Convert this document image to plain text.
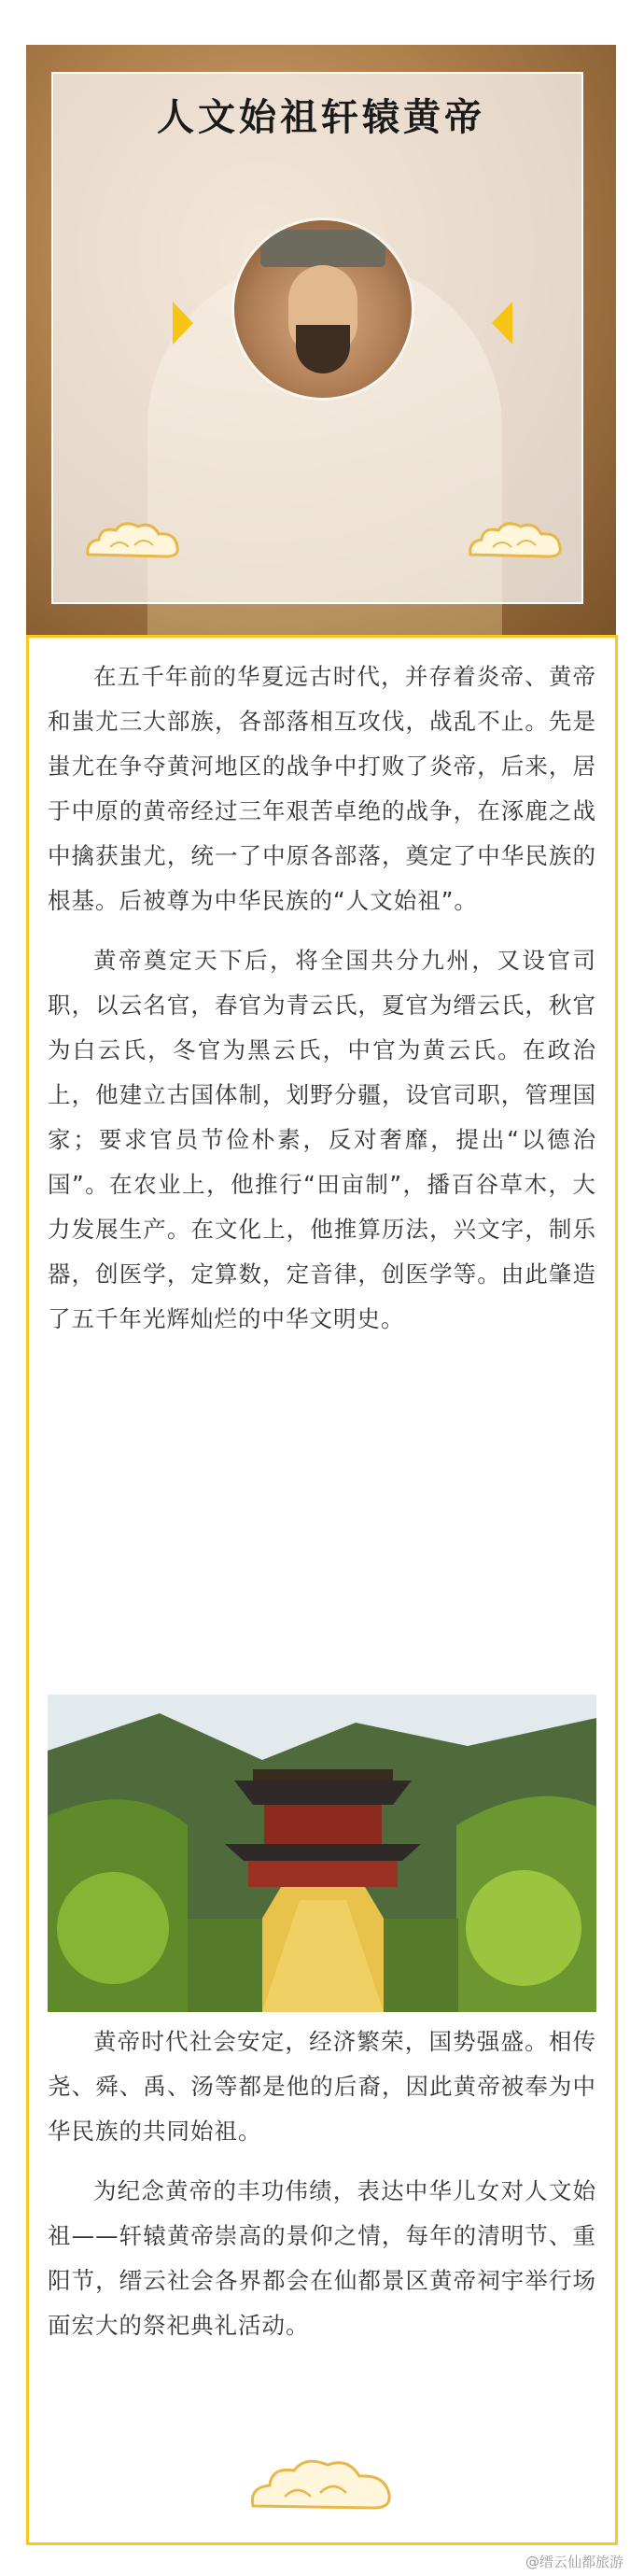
人文始祖轩辕黄帝

在五千年前的华夏远古时代，并存着炎帝、黄帝和蚩尤三大部族，各部落相互攻伐，战乱不止。先是蚩尤在争夺黄河地区的战争中打败了炎帝，后来，居于中原的黄帝经过三年艰苦卓绝的战争，在涿鹿之战中擒获蚩尤，统一了中原各部落，奠定了中华民族的根基。后被尊为中华民族的“人文始祖”。

黄帝奠定天下后，将全国共分九州，又设官司职，以云名官，春官为青云氏，夏官为缙云氏，秋官为白云氏，冬官为黑云氏，中官为黄云氏。在政治上，他建立古国体制，划野分疆，设官司职，管理国家；要求官员节俭朴素，反对奢靡，提出“以德治国”。在农业上，他推行“田亩制”，播百谷草木，大力发展生产。在文化上，他推算历法，兴文字，制乐器，创医学，定算数，定音律，创医学等。由此肇造了五千年光辉灿烂的中华文明史。

黄帝时代社会安定，经济繁荣，国势强盛。相传尧、舜、禹、汤等都是他的后裔，因此黄帝被奉为中华民族的共同始祖。

为纪念黄帝的丰功伟绩，表达中华儿女对人文始祖——轩辕黄帝崇高的景仰之情，每年的清明节、重阳节，缙云社会各界都会在仙都景区黄帝祠宇举行场面宏大的祭祀典礼活动。

@缙云仙都旅游
